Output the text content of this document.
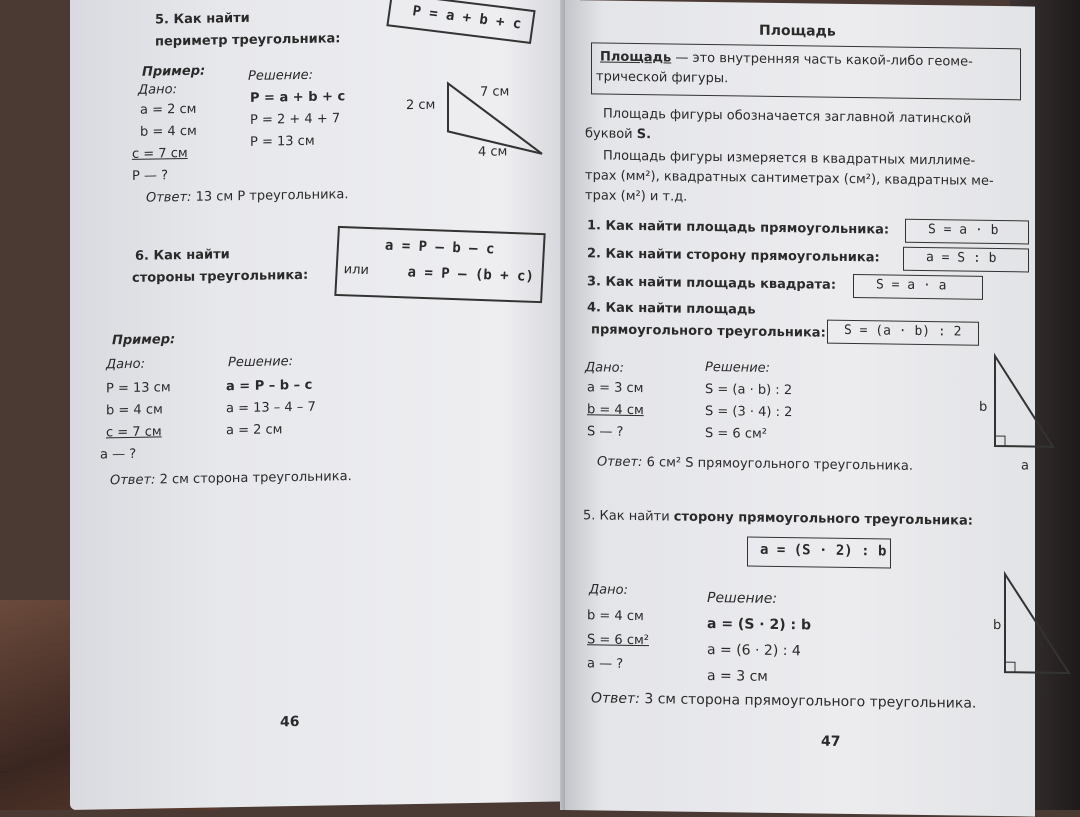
5. Как найти
периметр треугольника:
P = a + b + c
Пример:
Дано:
Решение:
a = 2 см
b = 4 см
c = 7 см
P — ?
P = a + b + c
P = 2 + 4 + 7
P = 13 см
Ответ: 13 см P треугольника.
2 см
7 см
4 см
6. Как найти
стороны треугольника:
a = P – b – c
или	a = P – (b + c)
Пример:
Дано:	Решение:
P = 13 см
b = 4 см
c = 7 см
a — ?
a = P – b – c
a = 13 – 4 – 7
a = 2 см
Ответ: 2 см сторона треугольника.
46
Площадь
Площадь — это внутренняя часть какой-либо геоме-
трической фигуры.
Площадь фигуры обозначается заглавной латинской
буквой S.
Площадь фигуры измеряется в квадратных миллиме-
трах (мм²), квадратных сантиметрах (см²), квадратных ме-
трах (м²) и т.д.
1. Как найти площадь прямоугольника:	S = a · b
2. Как найти сторону прямоугольника:	a = S : b
3. Как найти площадь квадрата:	S = a · a
4. Как найти площадь
прямоугольного треугольника: S = (a · b) : 2
Дано:	Решение:
a = 3 см
b = 4 см
S — ?
S = (a · b) : 2
S = (3 · 4) : 2
S = 6 см²
Ответ: 6 см² S прямоугольного треугольника.
b
a
5. Как найти сторону прямоугольного треугольника:
a = (S · 2) : b
Дано:	Решение:
b = 4 см
S = 6 см²
a — ?
a = (S · 2) : b
a = (6 · 2) : 4
a = 3 см
Ответ: 3 см сторона прямоугольного треугольника.
b
a
47
